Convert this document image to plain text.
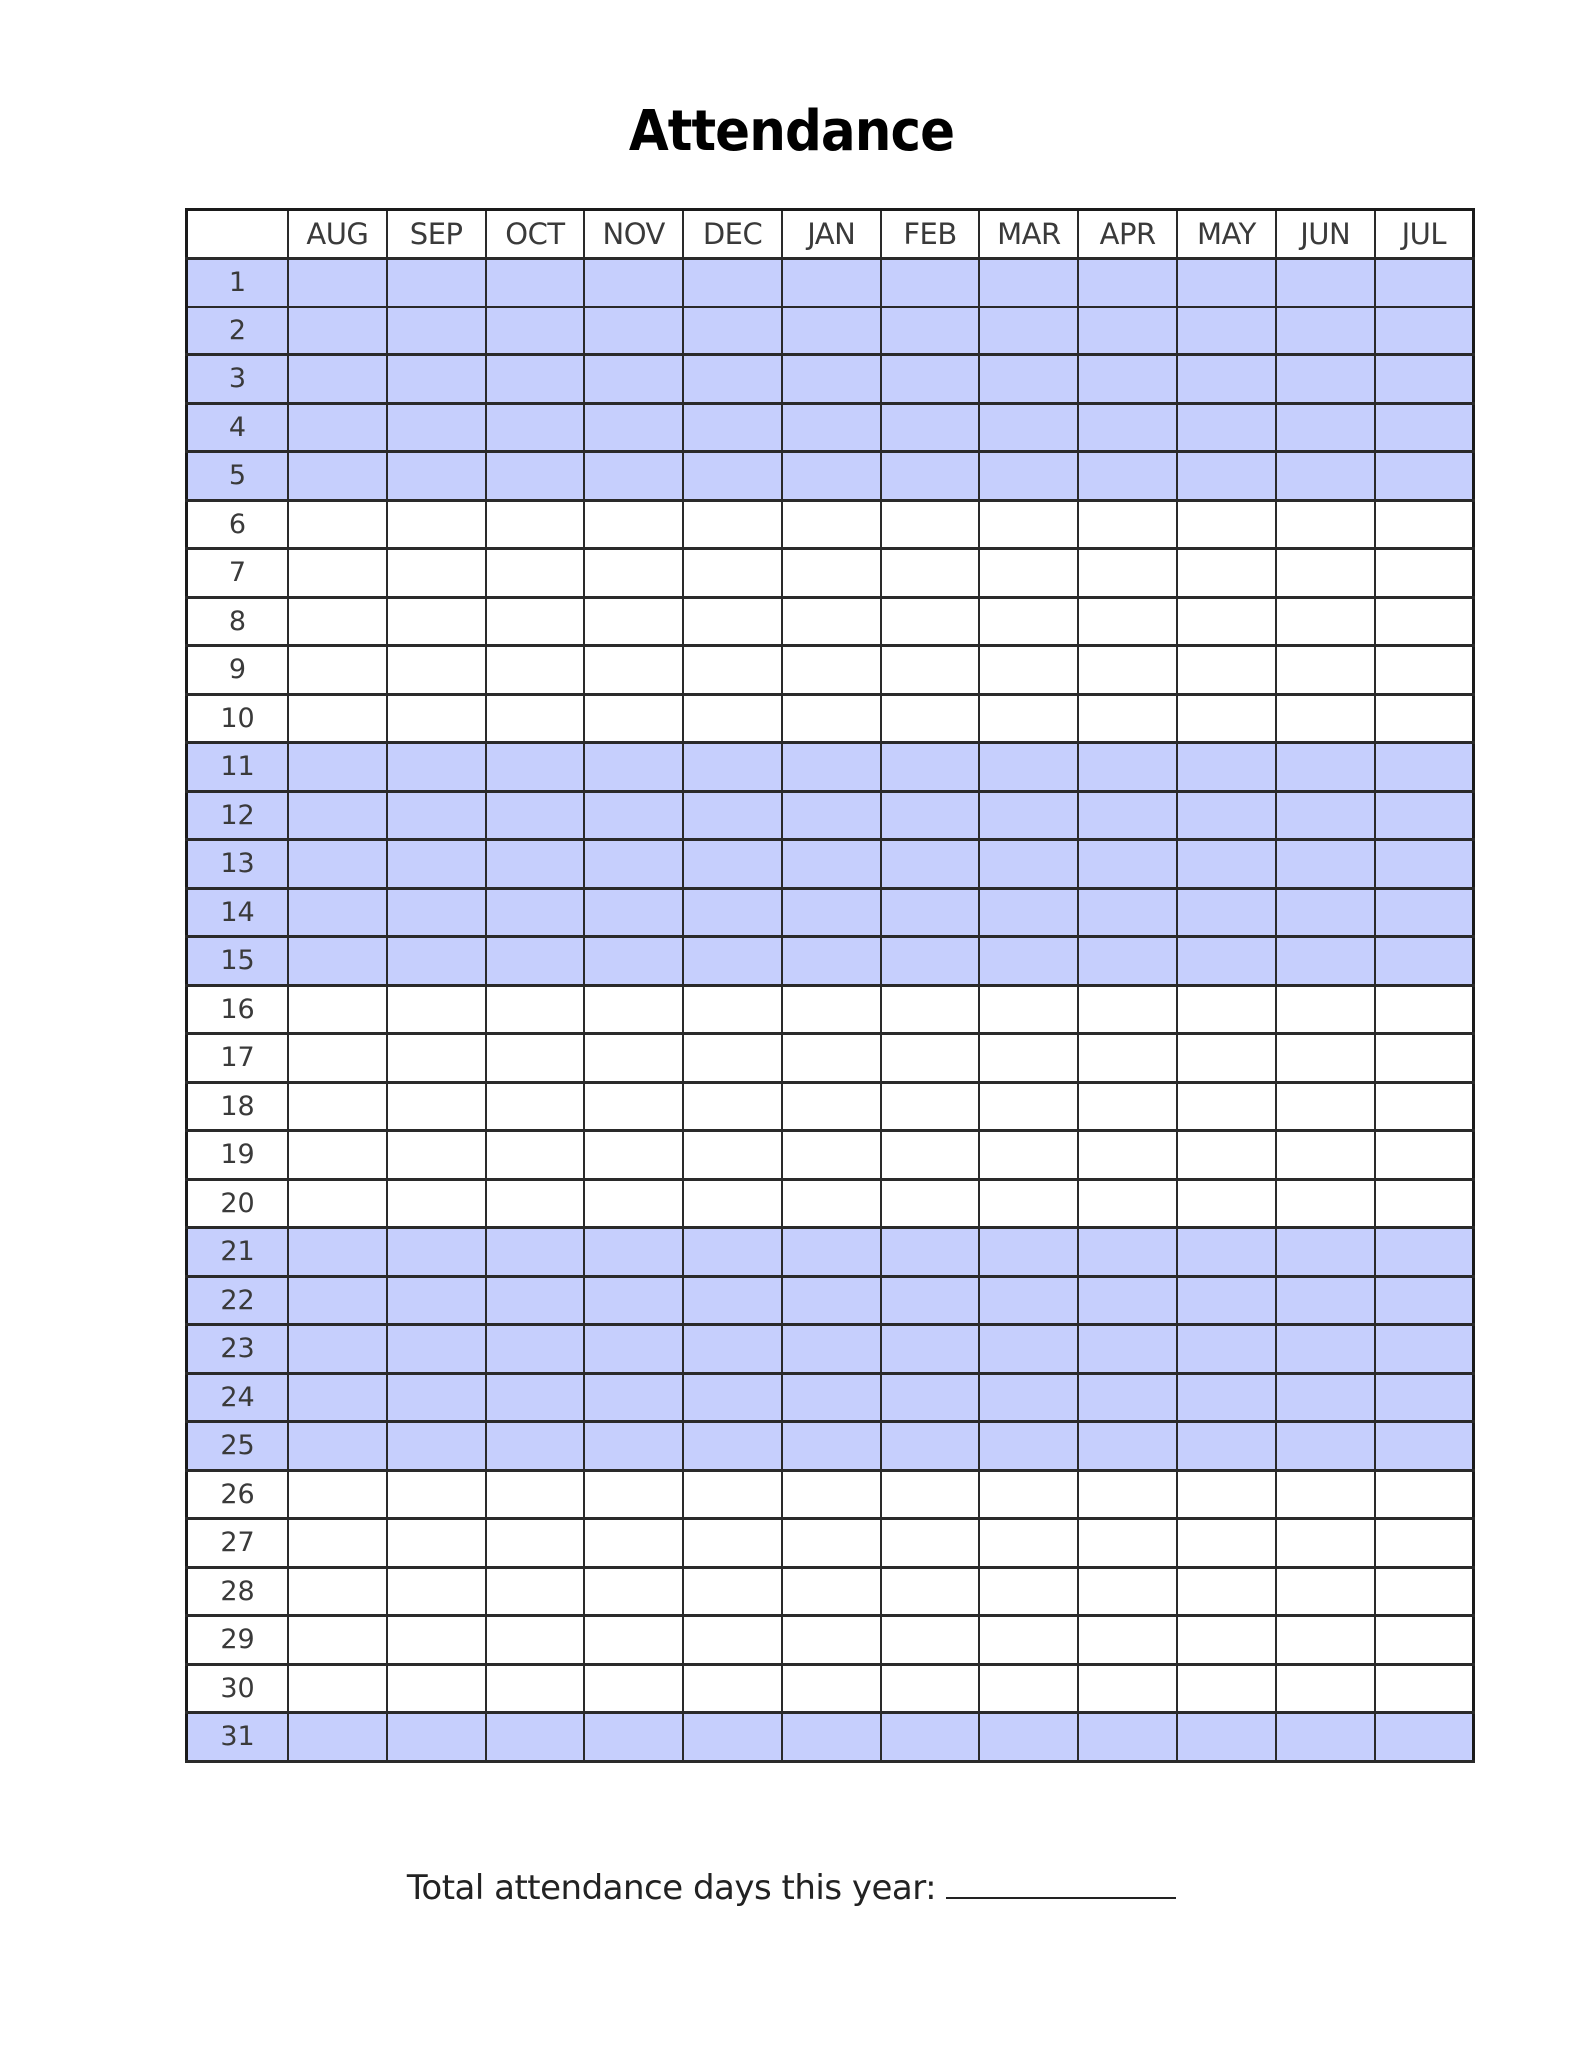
Attendance
	AUG	SEP	OCT	NOV	DEC	JAN	FEB	MAR	APR	MAY	JUN	JUL
1												
2												
3												
4												
5												
6												
7												
8												
9												
10												
11												
12												
13												
14												
15												
16												
17												
18												
19												
20												
21												
22												
23												
24												
25												
26												
27												
28												
29												
30												
31												
Total attendance days this year:
